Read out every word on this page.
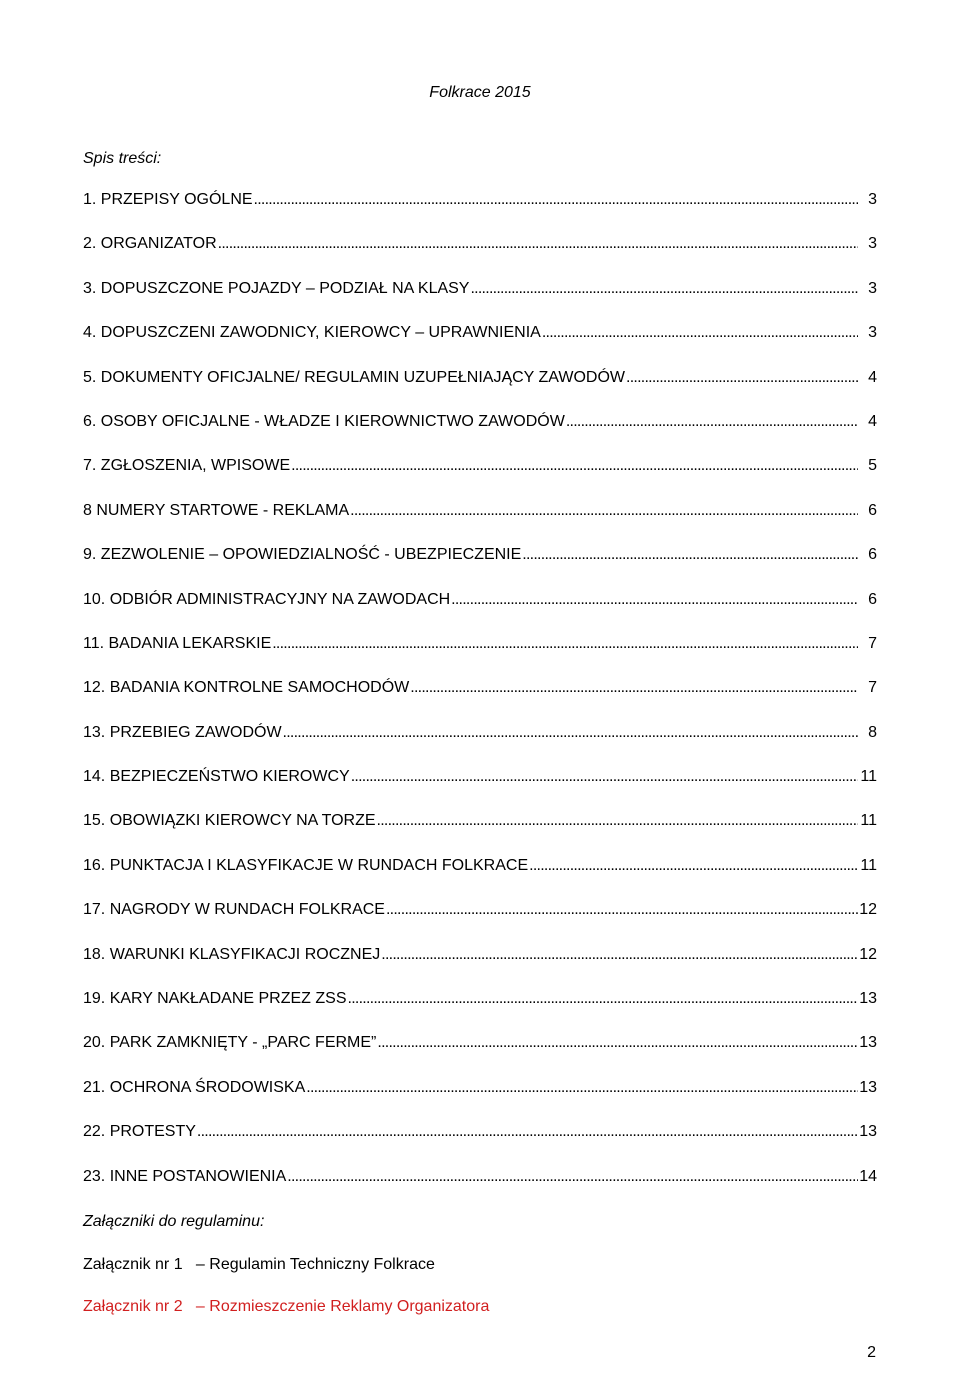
Folkrace 2015
Spis treści:
1. PRZEPISY OGÓLNE . . .	3
2. ORGANIZATOR . . .	3
3. DOPUSZCZONE POJAZDY – PODZIAŁ NA KLASY . . .	3
4. DOPUSZCZENI ZAWODNICY, KIEROWCY – UPRAWNIENIA . . .	3
5. DOKUMENTY OFICJALNE/ REGULAMIN UZUPEŁNIAJĄCY ZAWODÓW . . .	4
6. OSOBY OFICJALNE - WŁADZE I KIEROWNICTWO ZAWODÓW . . .	4
7. ZGŁOSZENIA, WPISOWE . . .	5
8 NUMERY STARTOWE - REKLAMA . . .	6
9. ZEZWOLENIE – OPOWIEDZIALNOŚĆ - UBEZPIECZENIE . . .	6
10. ODBIÓR ADMINISTRACYJNY NA ZAWODACH . . .	6
11. BADANIA LEKARSKIE . . .	7
12. BADANIA KONTROLNE SAMOCHODÓW . . .	7
13. PRZEBIEG ZAWODÓW . . .	8
14. BEZPIECZEŃSTWO KIEROWCY . . .	11
15. OBOWIĄZKI KIEROWCY NA TORZE . . .	11
16. PUNKTACJA I KLASYFIKACJE W RUNDACH FOLKRACE . . .	11
17. NAGRODY W RUNDACH FOLKRACE . . .	12
18. WARUNKI KLASYFIKACJI ROCZNEJ . . .	12
19. KARY NAKŁADANE PRZEZ ZSS . . .	13
20. PARK ZAMKNIĘTY - „PARC FERME” . . .	13
21. OCHRONA ŚRODOWISKA . . .	13
22. PROTESTY . . .	13
23. INNE POSTANOWIENIA . . .	14
Załączniki do regulaminu:
Załącznik nr 1   – Regulamin Techniczny Folkrace
Załącznik nr 2   – Rozmieszczenie Reklamy Organizatora
2
